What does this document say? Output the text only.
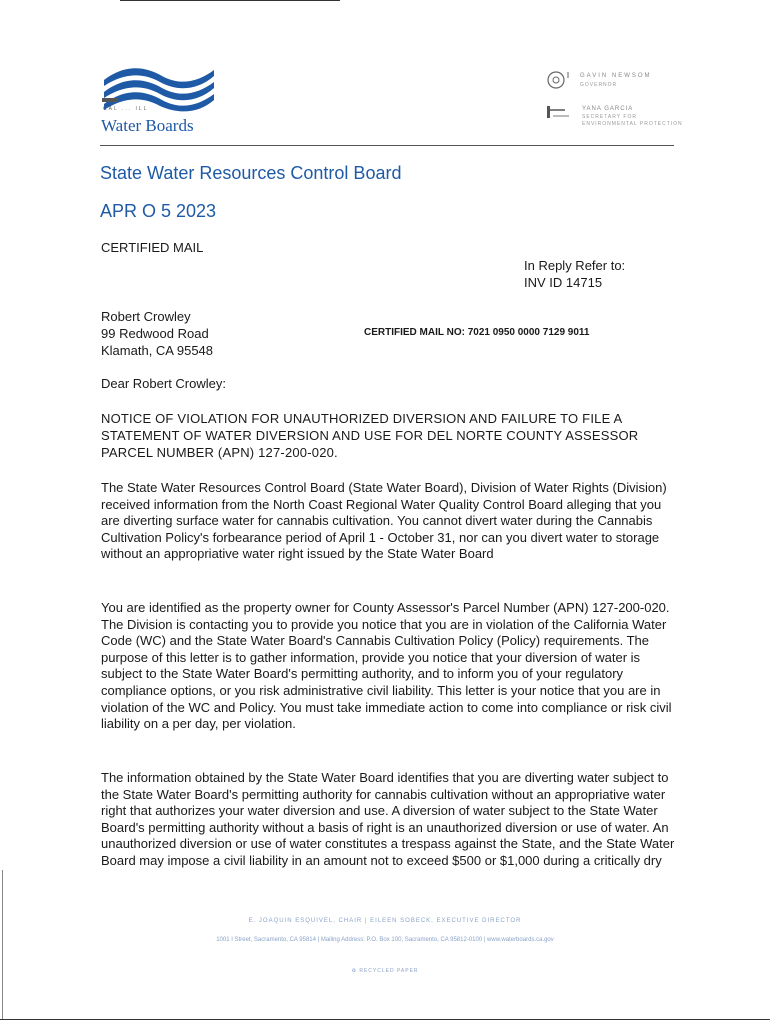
CAL ... ILL
Water Boards
GAVIN NEWSOM
GOVERNOR
YANA GARCIA
SECRETARY FOR ENVIRONMENTAL PROTECTION
State Water Resources Control Board
APR O 5 2023
CERTIFIED MAIL
In Reply Refer to:
INV ID 14715
Robert Crowley
99 Redwood Road
Klamath, CA 95548
CERTIFIED MAIL NO: 7021 0950 0000 7129 9011
Dear Robert Crowley:
NOTICE OF VIOLATION FOR UNAUTHORIZED DIVERSION AND FAILURE TO FILE A STATEMENT OF WATER DIVERSION AND USE FOR DEL NORTE COUNTY ASSESSOR PARCEL NUMBER (APN) 127-200-020.
The State Water Resources Control Board (State Water Board), Division of Water Rights (Division) received information from the North Coast Regional Water Quality Control Board alleging that you are diverting surface water for cannabis cultivation. You cannot divert water during the Cannabis Cultivation Policy's forbearance period of April 1 - October 31, nor can you divert water to storage without an appropriative water right issued by the State Water Board
You are identified as the property owner for County Assessor's Parcel Number (APN) 127-200-020. The Division is contacting you to provide you notice that you are in violation of the California Water Code (WC) and the State Water Board's Cannabis Cultivation Policy (Policy) requirements. The purpose of this letter is to gather information, provide you notice that your diversion of water is subject to the State Water Board's permitting authority, and to inform you of your regulatory compliance options, or you risk administrative civil liability. This letter is your notice that you are in violation of the WC and Policy. You must take immediate action to come into compliance or risk civil liability on a per day, per violation.
The information obtained by the State Water Board identifies that you are diverting water subject to the State Water Board's permitting authority for cannabis cultivation without an appropriative water right that authorizes your water diversion and use. A diversion of water subject to the State Water Board's permitting authority without a basis of right is an unauthorized diversion or use of water. An unauthorized diversion or use of water constitutes a trespass against the State, and the State Water Board may impose a civil liability in an amount not to exceed $500 or $1,000 during a critically dry
E. JOAQUIN ESQUIVEL, CHAIR | EILEEN SOBECK, EXECUTIVE DIRECTOR
1001 I Street, Sacramento, CA 95814 | Mailing Address: P.O. Box 100, Sacramento, CA 95812-0100 | www.waterboards.ca.gov
♻ RECYCLED PAPER
